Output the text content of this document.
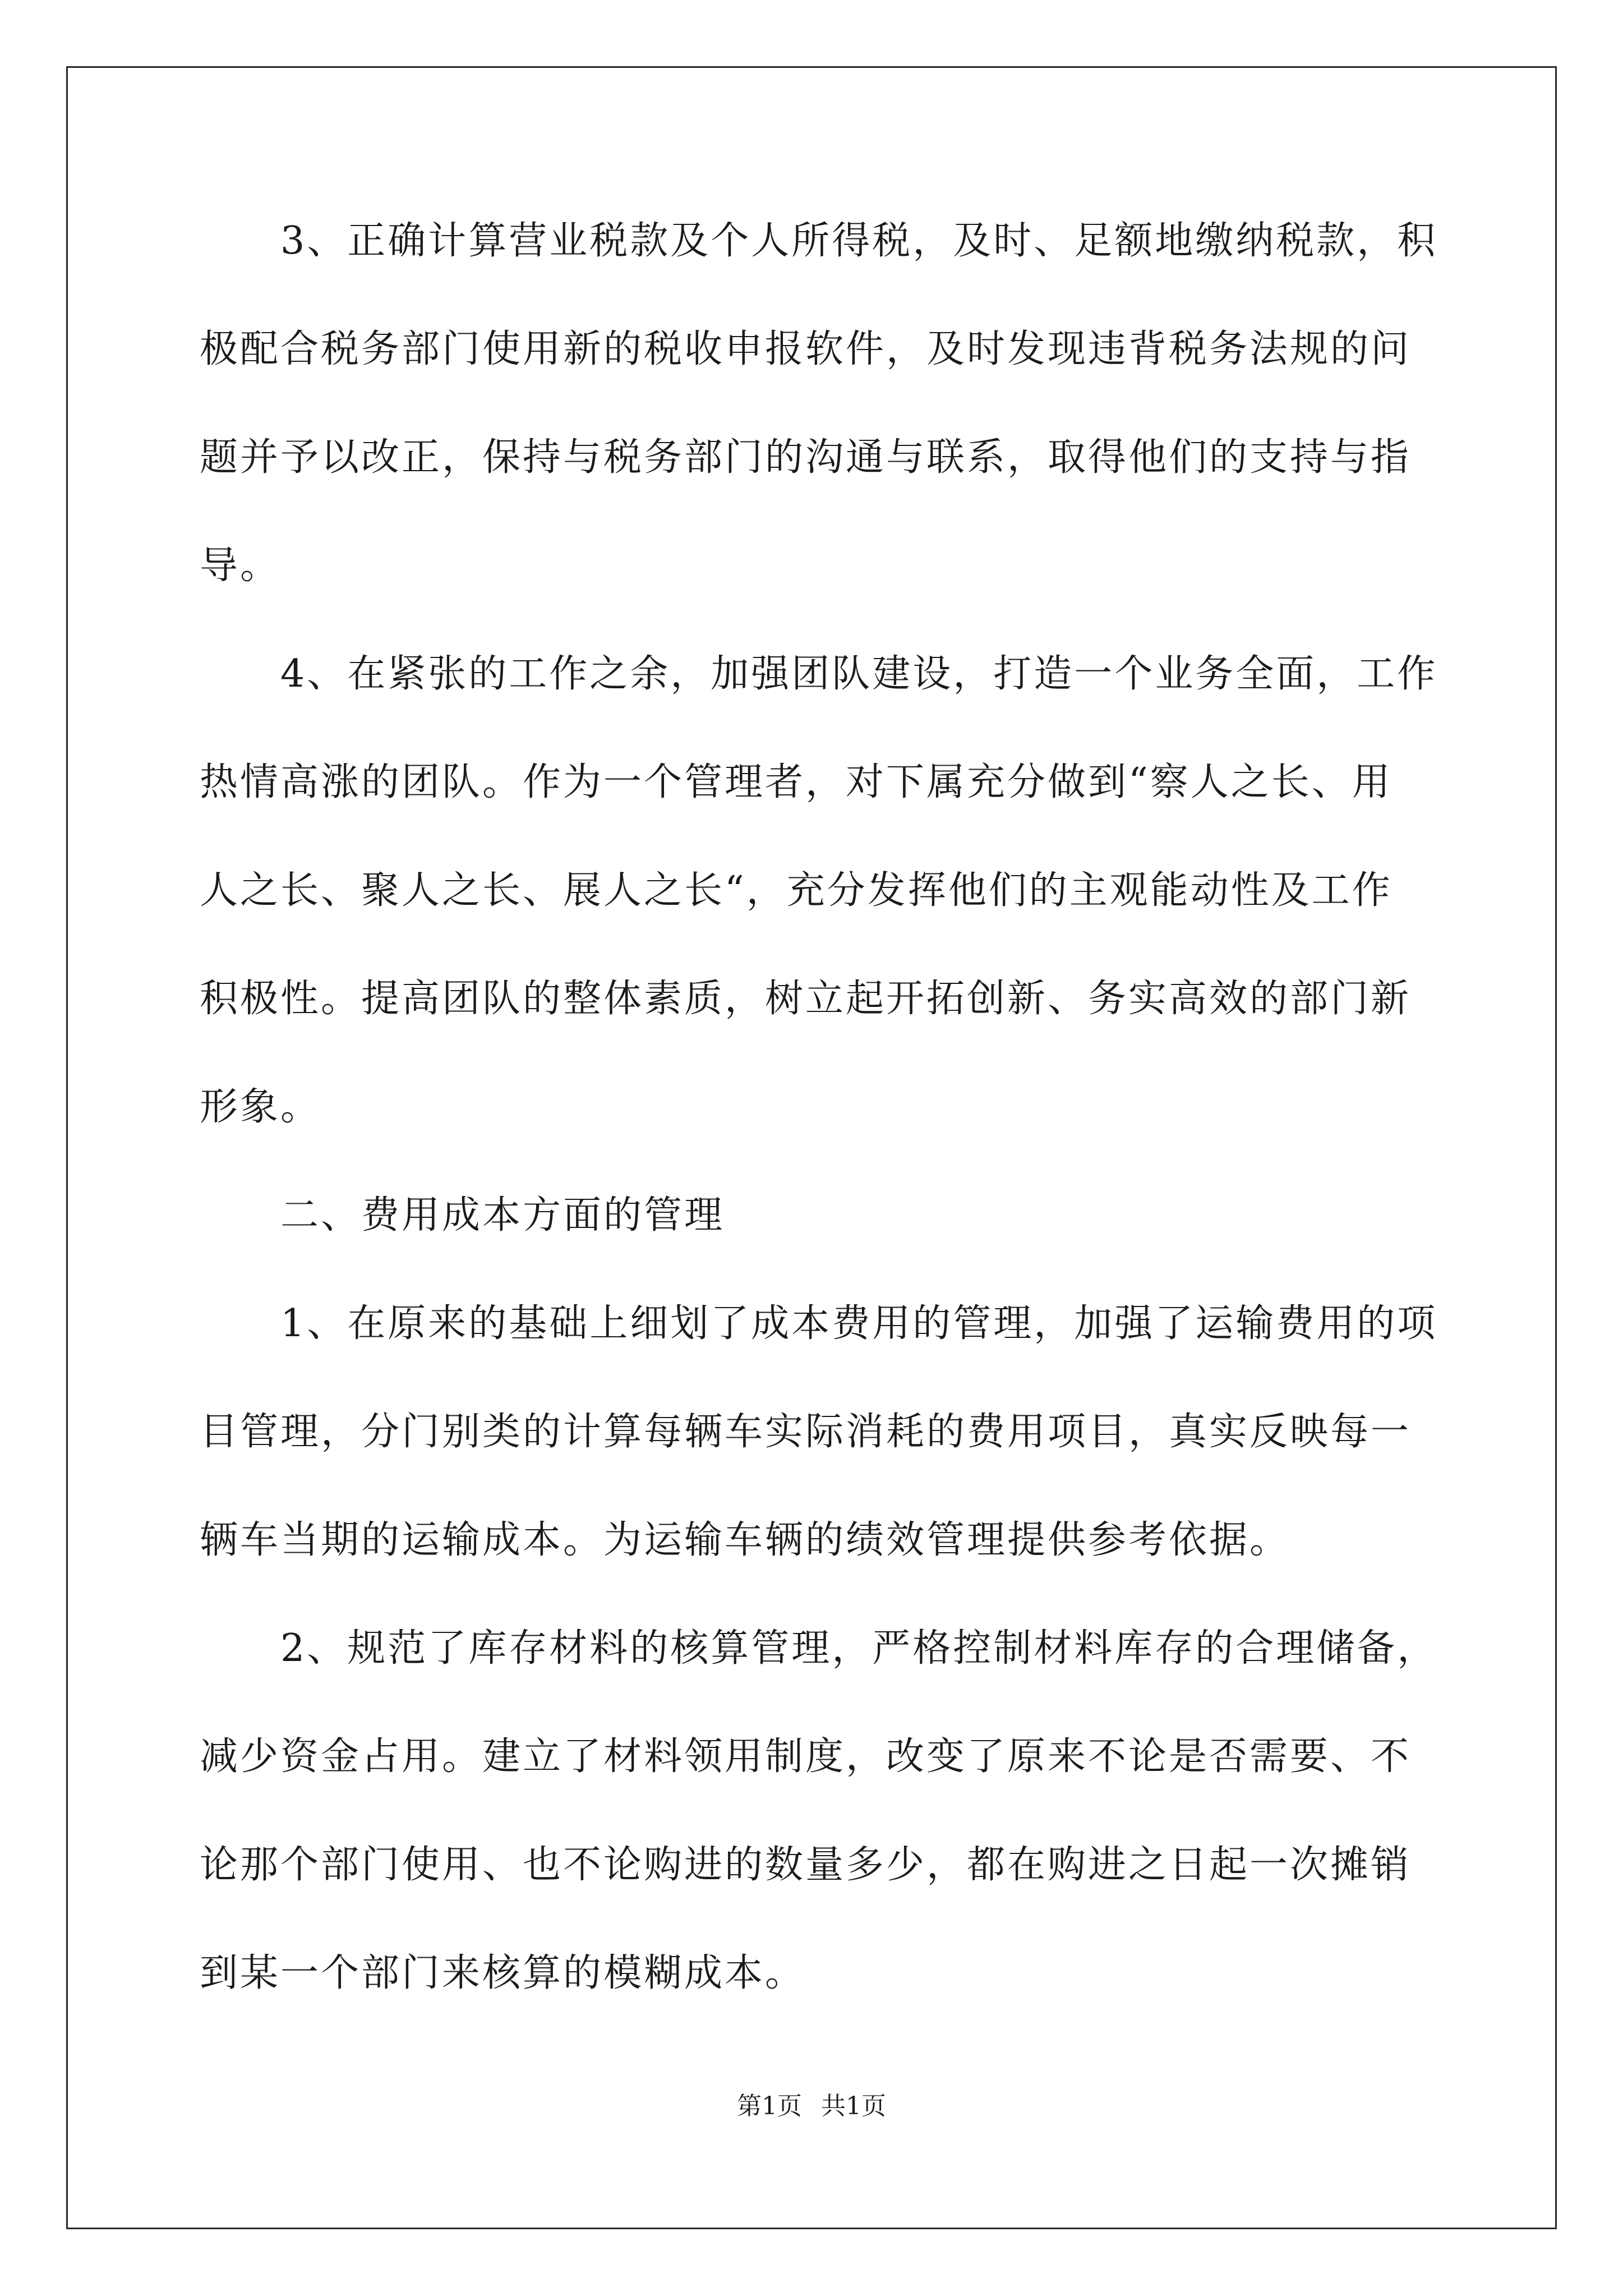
　　3、正确计算营业税款及个人所得税，及时、足额地缴纳税款，积
极配合税务部门使用新的税收申报软件，及时发现违背税务法规的问
题并予以改正，保持与税务部门的沟通与联系，取得他们的支持与指
导。
　　4、在紧张的工作之余，加强团队建设，打造一个业务全面，工作
热情高涨的团队。作为一个管理者，对下属充分做到“察人之长、用
人之长、聚人之长、展人之长“，充分发挥他们的主观能动性及工作
积极性。提高团队的整体素质，树立起开拓创新、务实高效的部门新
形象。
　　二、费用成本方面的管理
　　1、在原来的基础上细划了成本费用的管理，加强了运输费用的项
目管理，分门别类的计算每辆车实际消耗的费用项目，真实反映每一
辆车当期的运输成本。为运输车辆的绩效管理提供参考依据。
　　2、规范了库存材料的核算管理，严格控制材料库存的合理储备，
减少资金占用。建立了材料领用制度，改变了原来不论是否需要、不
论那个部门使用、也不论购进的数量多少，都在购进之日起一次摊销
到某一个部门来核算的模糊成本。
第1页 共1页
